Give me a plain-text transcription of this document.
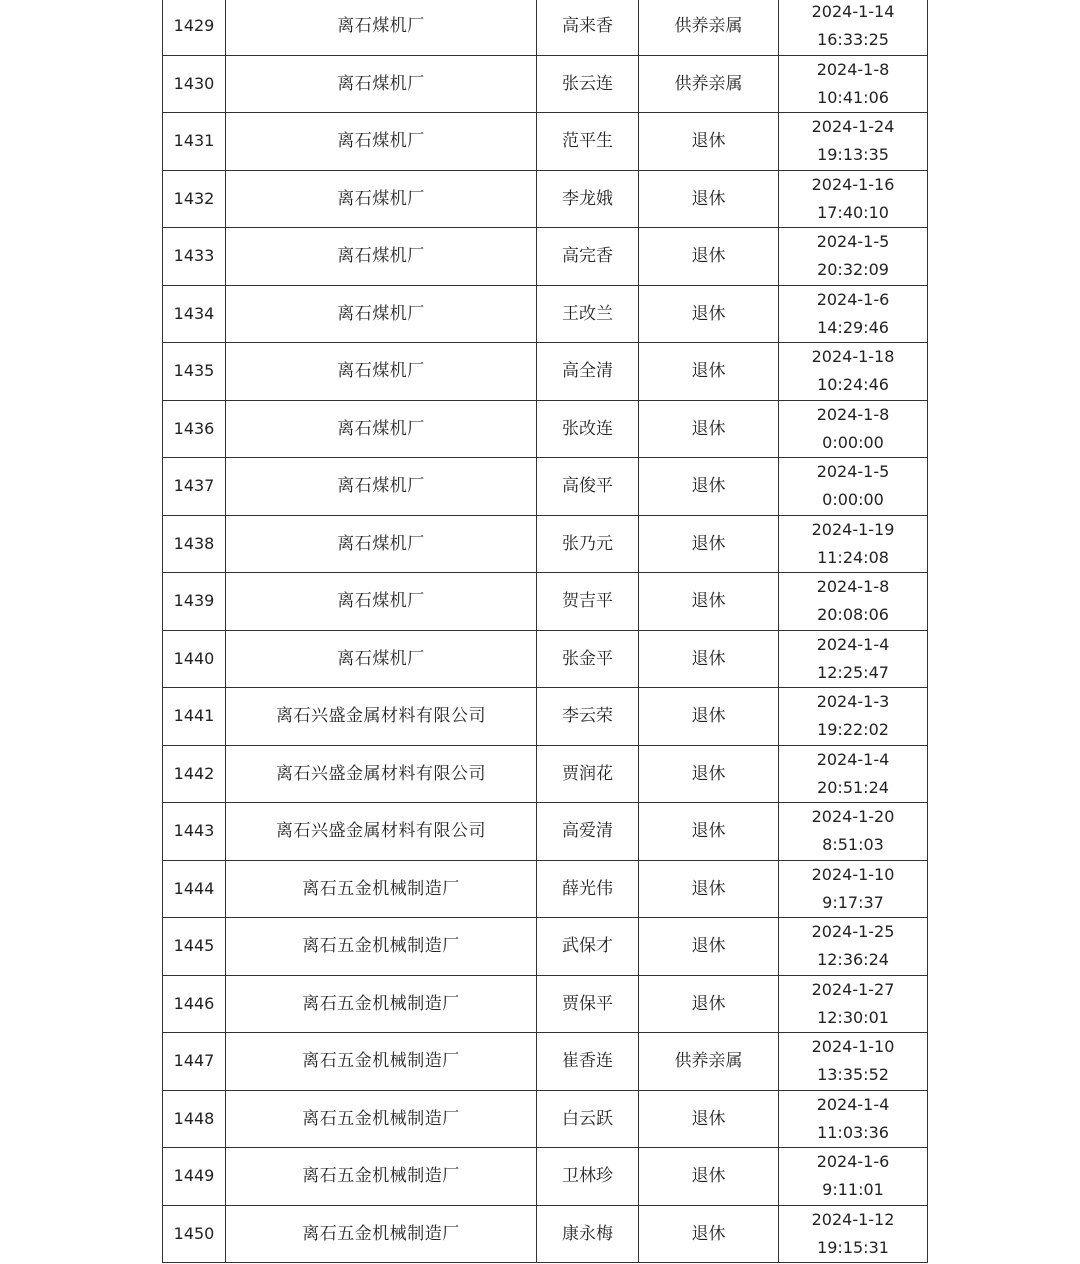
1429	离石煤机厂	高来香	供养亲属	2024-1-14
16:33:25

1430	离石煤机厂	张云连	供养亲属	2024-1-8
10:41:06

1431	离石煤机厂	范平生	退休	2024-1-24
19:13:35

1432	离石煤机厂	李龙娥	退休	2024-1-16
17:40:10

1433	离石煤机厂	高完香	退休	2024-1-5
20:32:09

1434	离石煤机厂	王改兰	退休	2024-1-6
14:29:46

1435	离石煤机厂	高全清	退休	2024-1-18
10:24:46

1436	离石煤机厂	张改连	退休	2024-1-8
0:00:00

1437	离石煤机厂	高俊平	退休	2024-1-5
0:00:00

1438	离石煤机厂	张乃元	退休	2024-1-19
11:24:08

1439	离石煤机厂	贺吉平	退休	2024-1-8
20:08:06

1440	离石煤机厂	张金平	退休	2024-1-4
12:25:47

1441	离石兴盛金属材料有限公司	李云荣	退休	2024-1-3
19:22:02

1442	离石兴盛金属材料有限公司	贾润花	退休	2024-1-4
20:51:24

1443	离石兴盛金属材料有限公司	高爱清	退休	2024-1-20
8:51:03

1444	离石五金机械制造厂	薛光伟	退休	2024-1-10
9:17:37

1445	离石五金机械制造厂	武保才	退休	2024-1-25
12:36:24

1446	离石五金机械制造厂	贾保平	退休	2024-1-27
12:30:01

1447	离石五金机械制造厂	崔香连	供养亲属	2024-1-10
13:35:52

1448	离石五金机械制造厂	白云跃	退休	2024-1-4
11:03:36

1449	离石五金机械制造厂	卫林珍	退休	2024-1-6
9:11:01

1450	离石五金机械制造厂	康永梅	退休	2024-1-12
19:15:31
